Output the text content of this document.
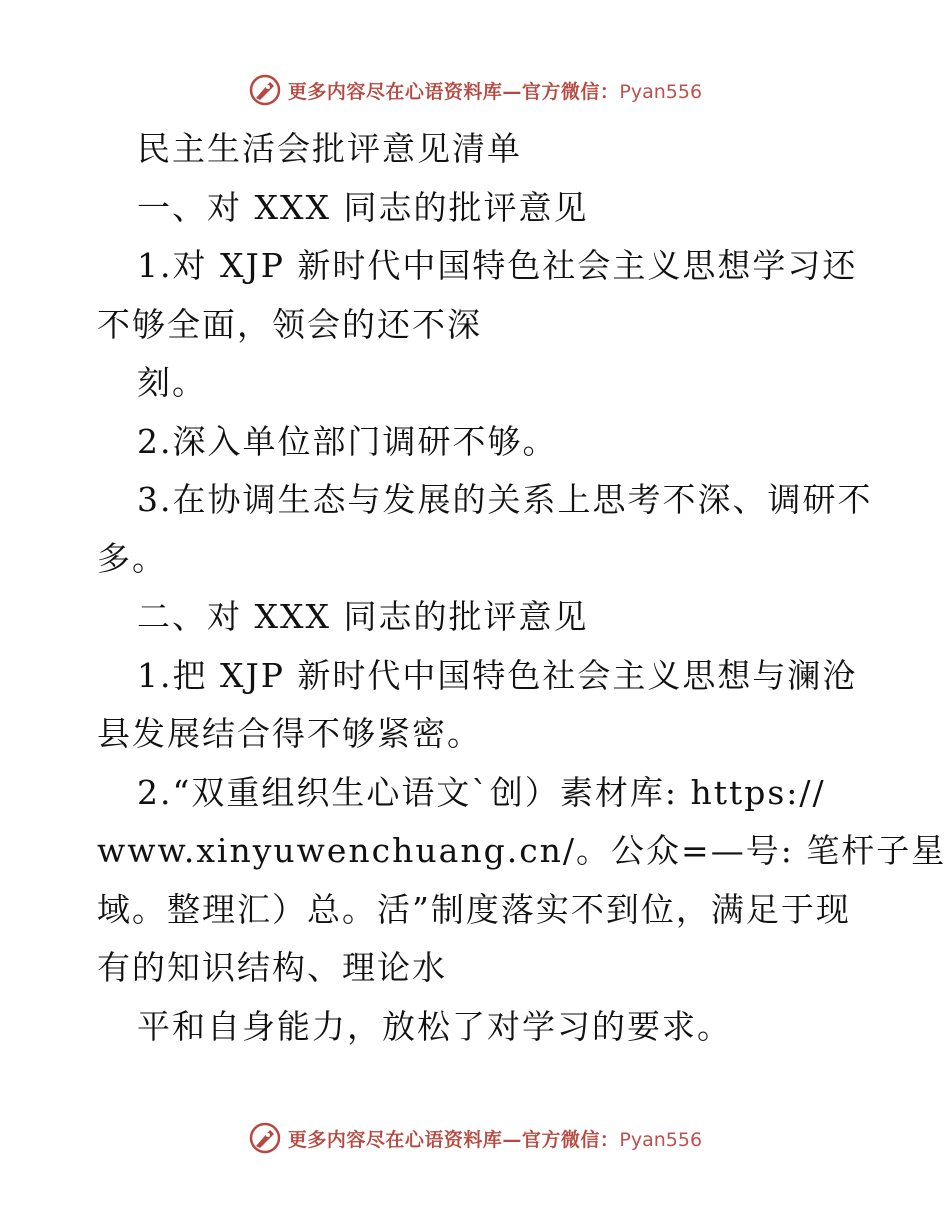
更多内容尽在心语资料库—官方微信：Pyan556
民主生活会批评意见清单
一、对 XXX 同志的批评意见
1.对 XJP 新时代中国特色社会主义思想学习还
不够全面，领会的还不深
刻。
2.深入单位部门调研不够。
3.在协调生态与发展的关系上思考不深、调研不
多。
二、对 XXX 同志的批评意见
1.把 XJP 新时代中国特色社会主义思想与澜沧
县发展结合得不够紧密。
2.“双重组织生心语文`创）素材库: https://
www.xinyuwenchuang.cn/。公众=—号: 笔杆子星
域。整理汇）总。活”制度落实不到位，满足于现
有的知识结构、理论水
平和自身能力，放松了对学习的要求。
更多内容尽在心语资料库—官方微信：Pyan556
